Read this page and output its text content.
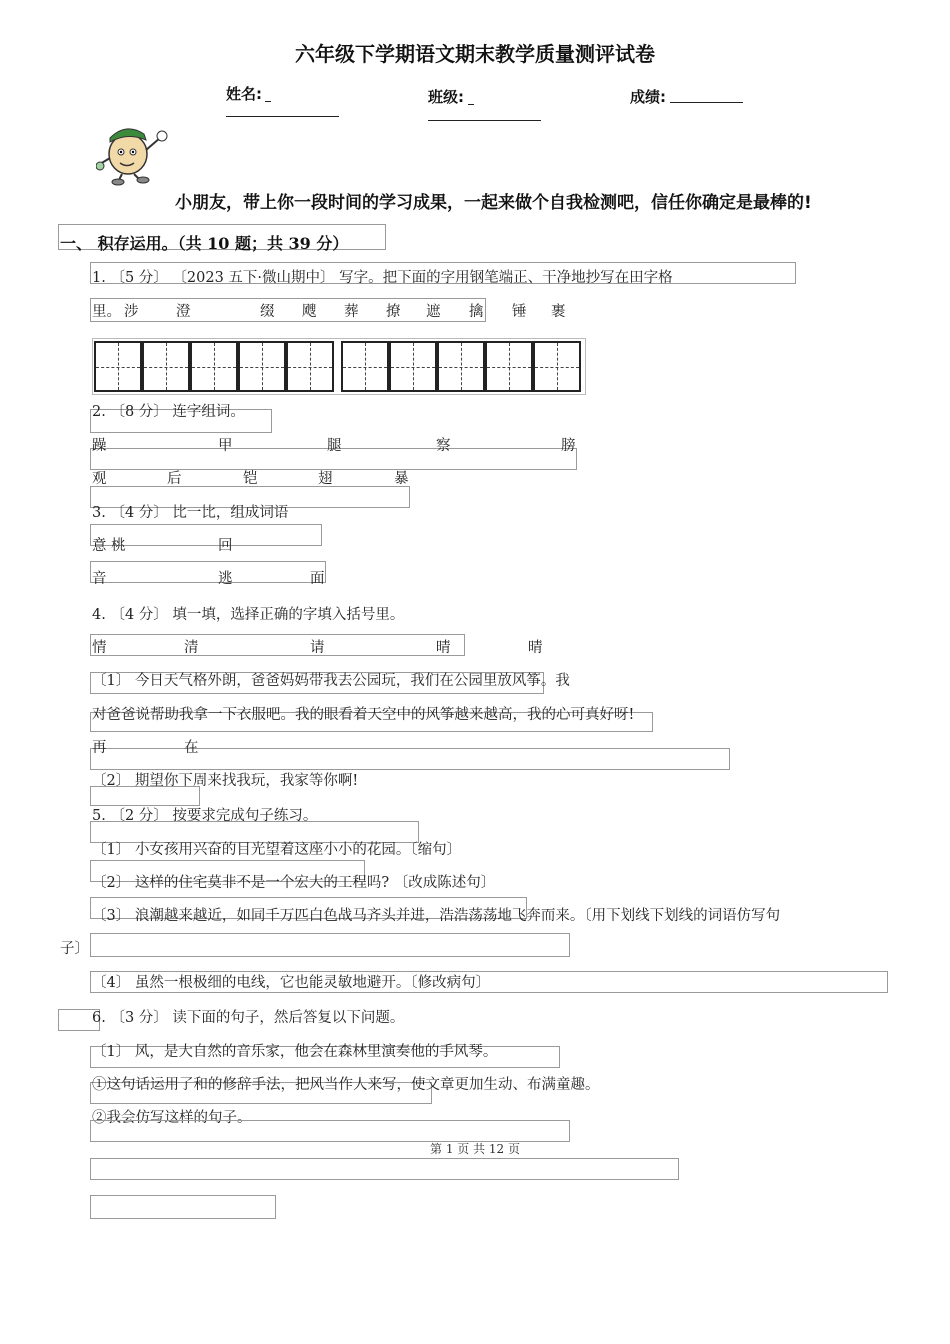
六年级下学期语文期末教学质量测评试卷
姓名:	班级:	成绩:
小朋友，带上你一段时间的学习成果，一起来做个自我检测吧，信任你确定是最棒的!
一、 积存运用。（共 10 题；共 39 分）
1. 〔5 分〕 〔2023 五下·微山期中〕 写字。把下面的字用钢笔端正、干净地抄写在田字格
里。 涉	澄	缀 飕 葬 撩 遮 擒 锤 裹
2. 〔8 分〕 连字组词。
躁	甲	腿	察	膀
观	后	铠	翅	暴
3. 〔4 分〕 比一比，组成词语
意 桃	回
音	逃	面
4. 〔4 分〕 填一填，选择正确的字填入括号里。
情	清	请	晴	晴
〔1〕 今日天气格外朗，爸爸妈妈带我去公园玩，我们在公园里放风筝。我
对爸爸说帮助我拿一下衣服吧。我的眼看着天空中的风筝越来越高，我的心可真好呀!
再	在
〔2〕 期望你下周来找我玩，我家等你啊!
5. 〔2 分〕 按要求完成句子练习。
〔1〕 小女孩用兴奋的目光望着这座小小的花园。〔缩句〕
〔2〕 这样的住宅莫非不是一个宏大的工程吗? 〔改成陈述句〕
〔3〕 浪潮越来越近，如同千万匹白色战马齐头并进，浩浩荡荡地飞奔而来。〔用下划线下划线的词语仿写句
子〕
〔4〕 虽然一根极细的电线，它也能灵敏地避开。〔修改病句〕
6. 〔3 分〕 读下面的句子，然后答复以下问题。
〔1〕 风，是大自然的音乐家，他会在森林里演奏他的手风琴。
①这句话运用了和的修辞手法，把风当作人来写，使文章更加生动、布满童趣。
②我会仿写这样的句子。
第 1 页 共 12 页
